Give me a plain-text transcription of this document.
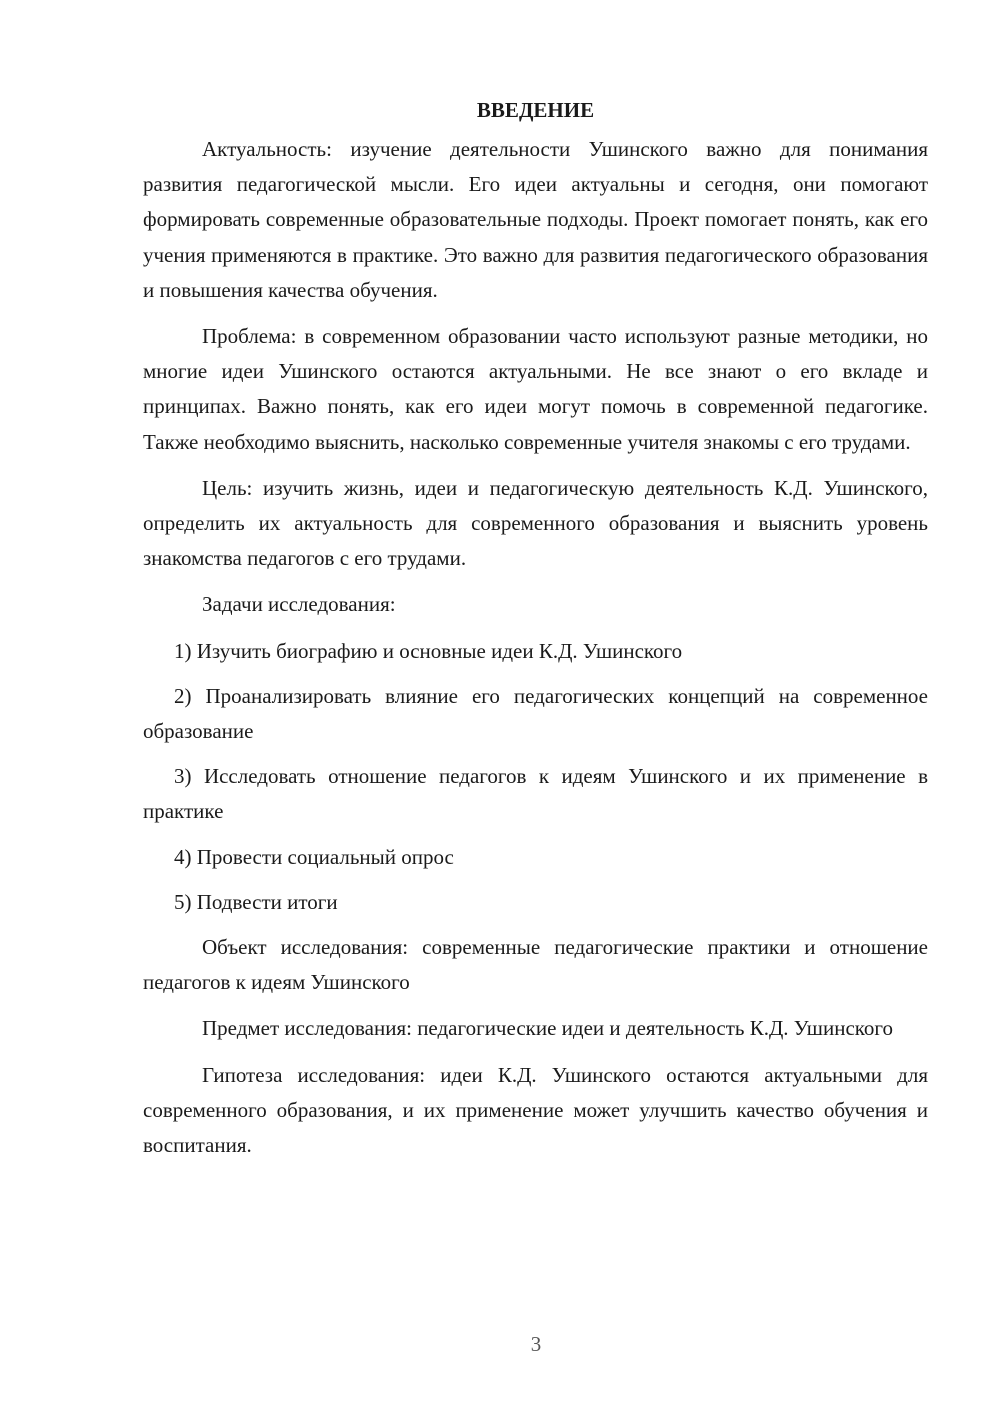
ВВЕДЕНИЕ

Актуальность: изучение деятельности Ушинского важно для понимания развития педагогической мысли. Его идеи актуальны и сегодня, они помогают формировать современные образовательные подходы. Проект помогает понять, как его учения применяются в практике. Это важно для развития педагогического образования и повышения качества обучения.

Проблема: в современном образовании часто используют разные методики, но многие идеи Ушинского остаются актуальными. Не все знают о его вкладе и принципах. Важно понять, как его идеи могут помочь в современной педагогике. Также необходимо выяснить, насколько современные учителя знакомы с его трудами.

Цель: изучить жизнь, идеи и педагогическую деятельность К.Д. Ушинского, определить их актуальность для современного образования и выяснить уровень знакомства педагогов с его трудами.

Задачи исследования:

1) Изучить биографию и основные идеи К.Д. Ушинского

2) Проанализировать влияние его педагогических концепций на современное образование

3) Исследовать отношение педагогов к идеям Ушинского и их применение в практике

4) Провести социальный опрос

5) Подвести итоги

Объект исследования: современные педагогические практики и отношение педагогов к идеям Ушинского

Предмет исследования: педагогические идеи и деятельность К.Д. Ушинского

Гипотеза исследования: идеи К.Д. Ушинского остаются актуальными для современного образования, и их применение может улучшить качество обучения и воспитания.

3
